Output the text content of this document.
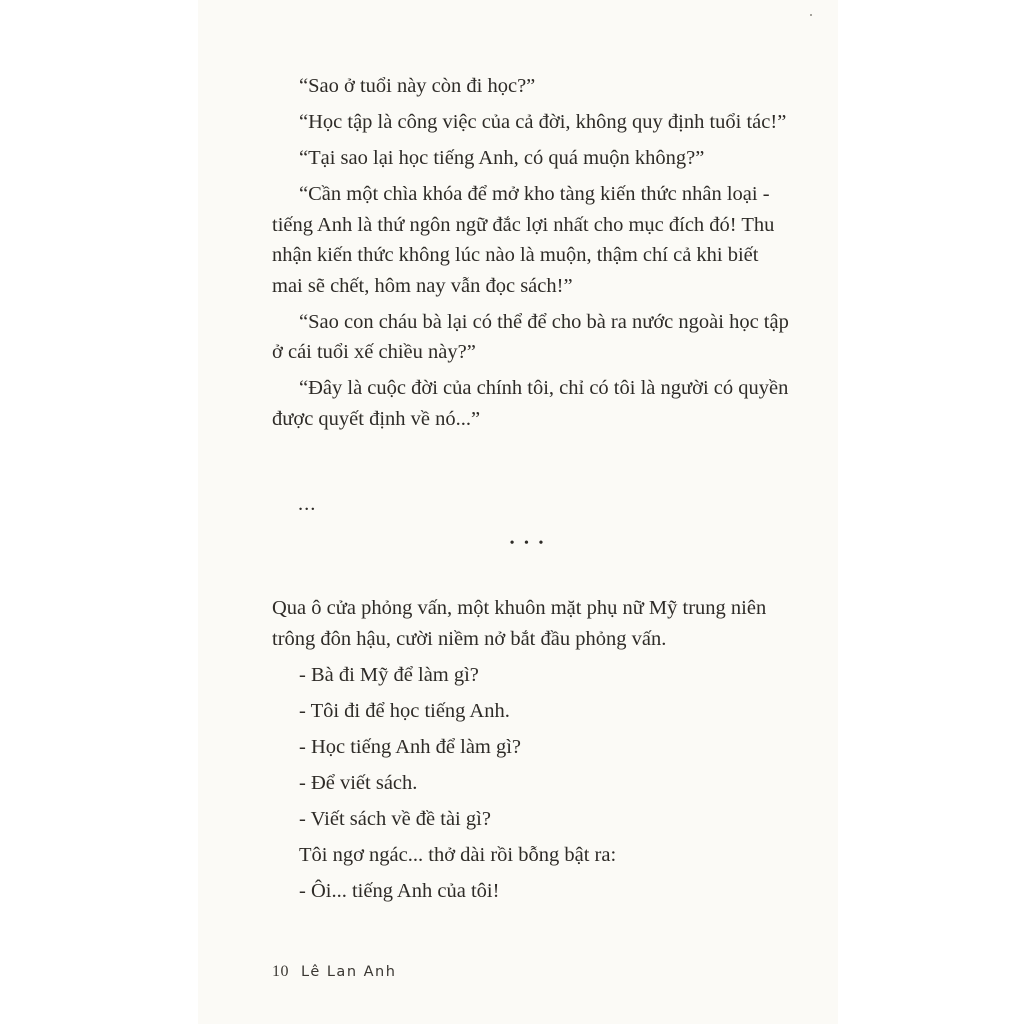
“Sao ở tuổi này còn đi học?”

“Học tập là công việc của cả đời, không quy định tuổi tác!”

“Tại sao lại học tiếng Anh, có quá muộn không?”

“Cần một chìa khóa để mở kho tàng kiến thức nhân loại - tiếng Anh là thứ ngôn ngữ đắc lợi nhất cho mục đích đó! Thu nhận kiến thức không lúc nào là muộn, thậm chí cả khi biết mai sẽ chết, hôm nay vẫn đọc sách!”

“Sao con cháu bà lại có thể để cho bà ra nước ngoài học tập ở cái tuổi xế chiều này?”

“Đây là cuộc đời của chính tôi, chỉ có tôi là người có quyền được quyết định về nó...”

...
• • •

Qua ô cửa phỏng vấn, một khuôn mặt phụ nữ Mỹ trung niên trông đôn hậu, cười niềm nở bắt đầu phỏng vấn.

- Bà đi Mỹ để làm gì?

- Tôi đi để học tiếng Anh.

- Học tiếng Anh để làm gì?

- Để viết sách.

- Viết sách về đề tài gì?

Tôi ngơ ngác... thở dài rồi bỗng bật ra:

- Ôi... tiếng Anh của tôi!

10 Lê Lan Anh
